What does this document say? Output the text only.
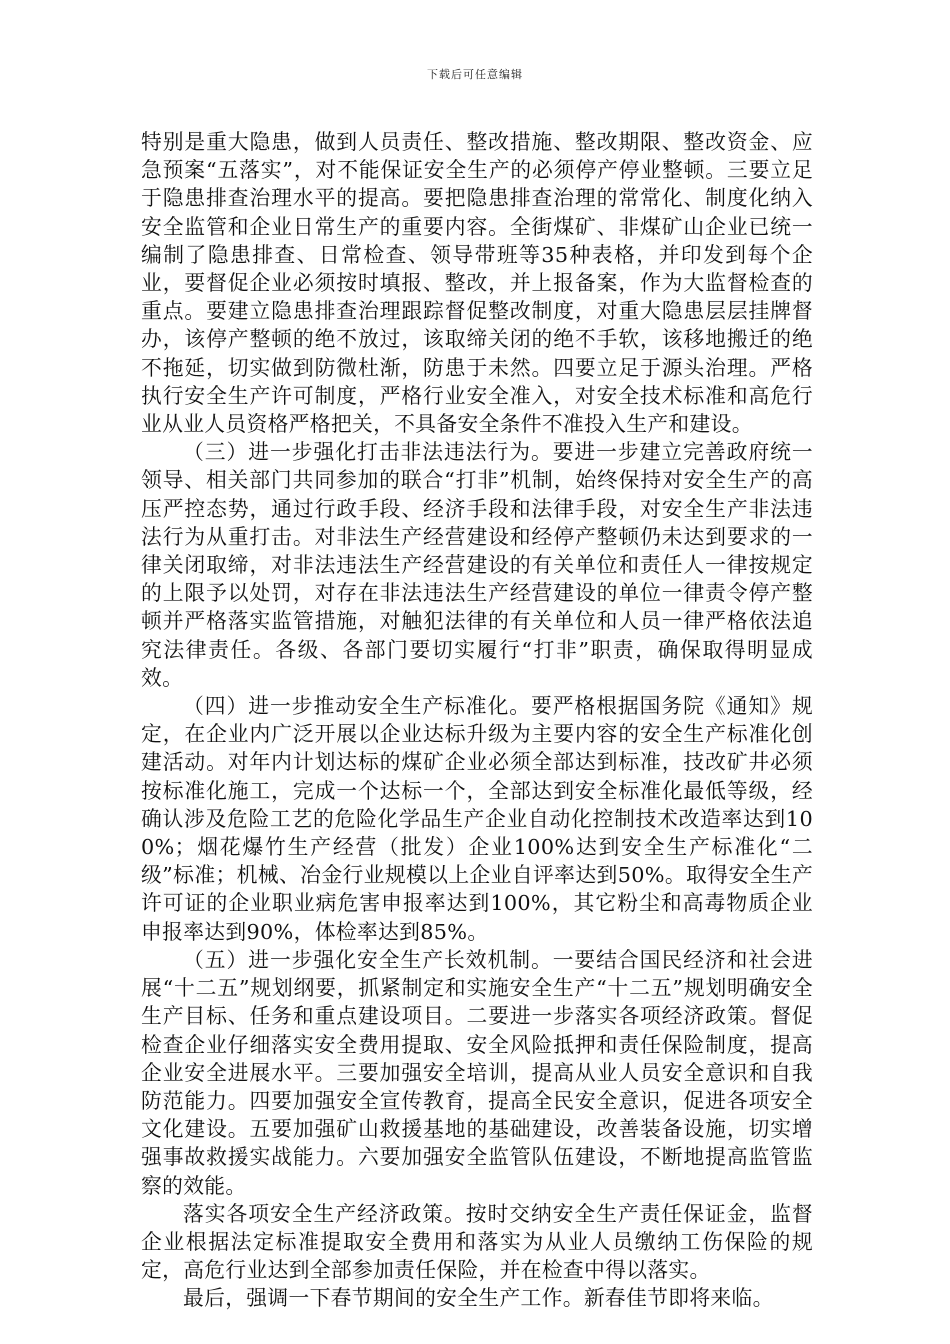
下载后可任意编辑

特别是重大隐患，做到人员责任、整改措施、整改期限、整改资金、应急预案“五落实”，对不能保证安全生产的必须停产停业整顿。三要立足于隐患排查治理水平的提高。要把隐患排查治理的常常化、制度化纳入安全监管和企业日常生产的重要内容。全街煤矿、非煤矿山企业已统一编制了隐患排查、日常检查、领导带班等35种表格，并印发到每个企业，要督促企业必须按时填报、整改，并上报备案，作为大监督检查的重点。要建立隐患排查治理跟踪督促整改制度，对重大隐患层层挂牌督办，该停产整顿的绝不放过，该取缔关闭的绝不手软，该移地搬迁的绝不拖延，切实做到防微杜渐，防患于未然。四要立足于源头治理。严格执行安全生产许可制度，严格行业安全准入，对安全技术标准和高危行业从业人员资格严格把关，不具备安全条件不准投入生产和建设。

（三）进一步强化打击非法违法行为。要进一步建立完善政府统一领导、相关部门共同参加的联合“打非”机制，始终保持对安全生产的高压严控态势，通过行政手段、经济手段和法律手段，对安全生产非法违法行为从重打击。对非法生产经营建设和经停产整顿仍未达到要求的一律关闭取缔，对非法违法生产经营建设的有关单位和责任人一律按规定的上限予以处罚，对存在非法违法生产经营建设的单位一律责令停产整顿并严格落实监管措施，对触犯法律的有关单位和人员一律严格依法追究法律责任。各级、各部门要切实履行“打非”职责，确保取得明显成效。

（四）进一步推动安全生产标准化。要严格根据国务院《通知》规定，在企业内广泛开展以企业达标升级为主要内容的安全生产标准化创建活动。对年内计划达标的煤矿企业必须全部达到标准，技改矿井必须按标准化施工，完成一个达标一个，全部达到安全标准化最低等级，经确认涉及危险工艺的危险化学品生产企业自动化控制技术改造率达到100%；烟花爆竹生产经营（批发）企业100%达到安全生产标准化“二级”标准；机械、冶金行业规模以上企业自评率达到50%。取得安全生产许可证的企业职业病危害申报率达到100%，其它粉尘和高毒物质企业申报率达到90%，体检率达到85%。

（五）进一步强化安全生产长效机制。一要结合国民经济和社会进展“十二五”规划纲要，抓紧制定和实施安全生产“十二五”规划明确安全生产目标、任务和重点建设项目。二要进一步落实各项经济政策。督促检查企业仔细落实安全费用提取、安全风险抵押和责任保险制度，提高企业安全进展水平。三要加强安全培训，提高从业人员安全意识和自我防范能力。四要加强安全宣传教育，提高全民安全意识，促进各项安全文化建设。五要加强矿山救援基地的基础建设，改善装备设施，切实增强事故救援实战能力。六要加强安全监管队伍建设，不断地提高监管监察的效能。

落实各项安全生产经济政策。按时交纳安全生产责任保证金，监督企业根据法定标准提取安全费用和落实为从业人员缴纳工伤保险的规定，高危行业达到全部参加责任保险，并在检查中得以落实。

最后，强调一下春节期间的安全生产工作。新春佳节即将来临。
